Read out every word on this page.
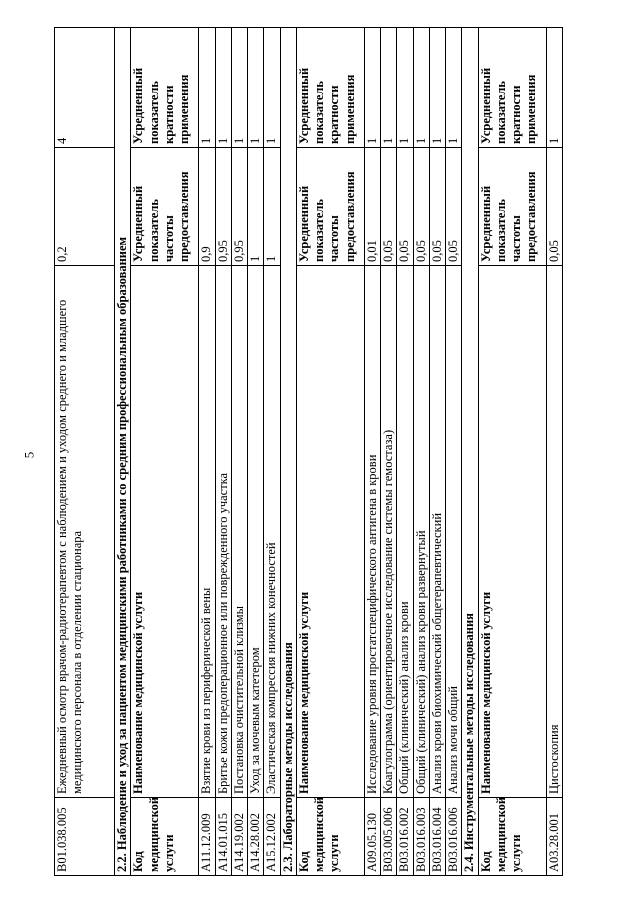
5
B01.038.005	Ежедневный осмотр врачом-радиотерапевтом с наблюдением и уходом среднего и младшего медицинского персонала в отделении стационара	0,2	4
2.2. Наблюдение и уход за пациентом медицинскими работниками со средним профессиональным образованием			
Код медицинской услуги	Наименование медицинской услуги	Усредненный показатель частоты предоставления	Усредненный показатель кратности применения
A11.12.009	Взятие крови из периферической вены	0,9	1
A14.01.015	Бритье кожи предоперационное или поврежденного участка	0,95	1
A14.19.002	Постановка очистительной клизмы	0,95	1
A14.28.002	Уход за мочевым катетером	1	1
A15.12.002	Эластическая компрессия нижних конечностей	1	1
2.3. Лабораторные методы исследования			
Код медицинской услуги	Наименование медицинской услуги	Усредненный показатель частоты предоставления	Усредненный показатель кратности применения
A09.05.130	Исследование уровня простатспецифического антигена в крови	0,01	1
B03.005.006	Коагулограмма (ориентировочное исследование системы гемостаза)	0,05	1
B03.016.002	Общий (клинический) анализ крови	0,05	1
B03.016.003	Общий (клинический) анализ крови развернутый	0,05	1
B03.016.004	Анализ крови биохимический общетерапевтический	0,05	1
B03.016.006	Анализ мочи общий	0,05	1
2.4. Инструментальные методы исследования			
Код медицинской услуги	Наименование медицинской услуги	Усредненный показатель частоты предоставления	Усредненный показатель кратности применения
A03.28.001	Цистоскопия	0,05	1
